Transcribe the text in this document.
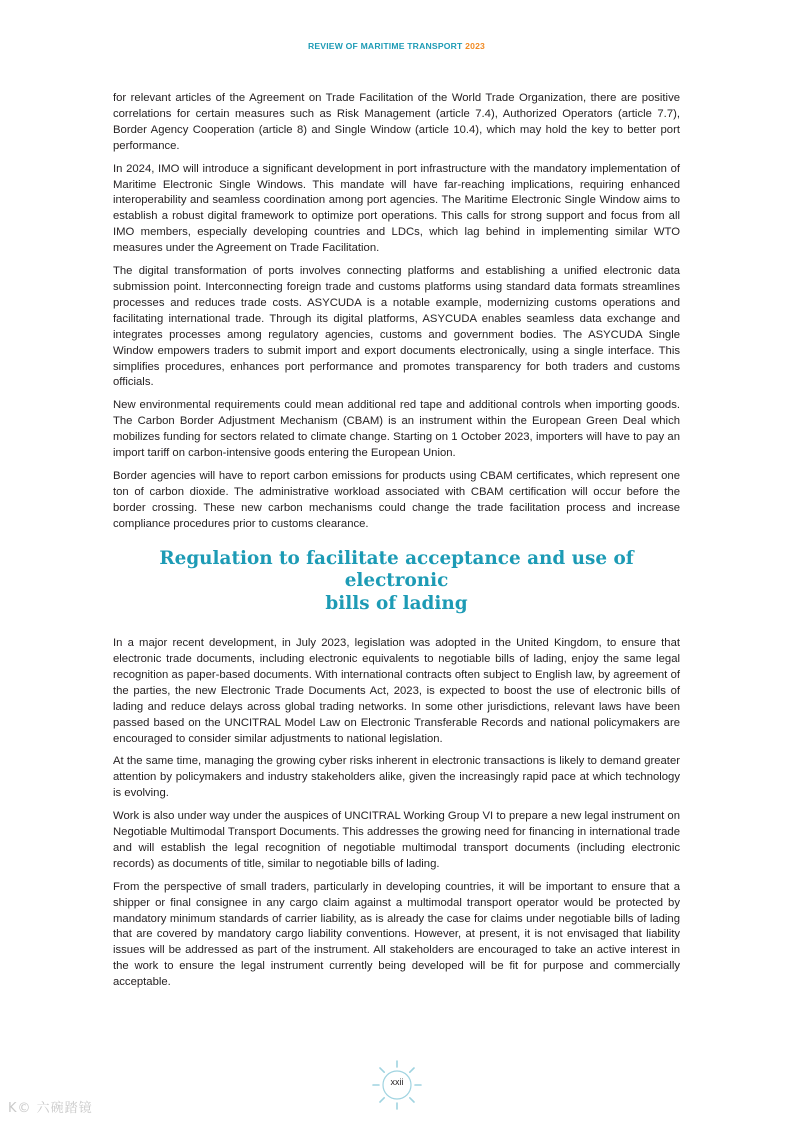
REVIEW OF MARITIME TRANSPORT 2023

for relevant articles of the Agreement on Trade Facilitation of the World Trade Organization, there are positive correlations for certain measures such as Risk Management (article 7.4), Authorized Operators (article 7.7), Border Agency Cooperation (article 8) and Single Window (article 10.4), which may hold the key to better port performance.

In 2024, IMO will introduce a significant development in port infrastructure with the mandatory implementation of Maritime Electronic Single Windows. This mandate will have far-reaching implications, requiring enhanced interoperability and seamless coordination among port agencies. The Maritime Electronic Single Window aims to establish a robust digital framework to optimize port operations. This calls for strong support and focus from all IMO members, especially developing countries and LDCs, which lag behind in implementing similar WTO measures under the Agreement on Trade Facilitation.

The digital transformation of ports involves connecting platforms and establishing a unified electronic data submission point. Interconnecting foreign trade and customs platforms using standard data formats streamlines processes and reduces trade costs. ASYCUDA is a notable example, modernizing customs operations and facilitating international trade. Through its digital platforms, ASYCUDA enables seamless data exchange and integrates processes among regulatory agencies, customs and government bodies. The ASYCUDA Single Window empowers traders to submit import and export documents electronically, using a single interface. This simplifies procedures, enhances port performance and promotes transparency for both traders and customs officials.

New environmental requirements could mean additional red tape and additional controls when importing goods. The Carbon Border Adjustment Mechanism (CBAM) is an instrument within the European Green Deal which mobilizes funding for sectors related to climate change. Starting on 1 October 2023, importers will have to pay an import tariff on carbon-intensive goods entering the European Union.

Border agencies will have to report carbon emissions for products using CBAM certificates, which represent one ton of carbon dioxide. The administrative workload associated with CBAM certification will occur before the border crossing. These new carbon mechanisms could change the trade facilitation process and increase compliance procedures prior to customs clearance.

Regulation to facilitate acceptance and use of electronic
bills of lading

In a major recent development, in July 2023, legislation was adopted in the United Kingdom, to ensure that electronic trade documents, including electronic equivalents to negotiable bills of lading, enjoy the same legal recognition as paper-based documents. With international contracts often subject to English law, by agreement of the parties, the new Electronic Trade Documents Act, 2023, is expected to boost the use of electronic bills of lading and reduce delays across global trading networks. In some other jurisdictions, relevant laws have been passed based on the UNCITRAL Model Law on Electronic Transferable Records and national policymakers are encouraged to consider similar adjustments to national legislation.

At the same time, managing the growing cyber risks inherent in electronic transactions is likely to demand greater attention by policymakers and industry stakeholders alike, given the increasingly rapid pace at which technology is evolving.

Work is also under way under the auspices of UNCITRAL Working Group VI to prepare a new legal instrument on Negotiable Multimodal Transport Documents. This addresses the growing need for financing in international trade and will establish the legal recognition of negotiable multimodal transport documents (including electronic records) as documents of title, similar to negotiable bills of lading.

From the perspective of small traders, particularly in developing countries, it will be important to ensure that a shipper or final consignee in any cargo claim against a multimodal transport operator would be protected by mandatory minimum standards of carrier liability, as is already the case for claims under negotiable bills of lading that are covered by mandatory cargo liability conventions. However, at present, it is not envisaged that liability issues will be addressed as part of the instrument. All stakeholders are encouraged to take an active interest in the work to ensure the legal instrument currently being developed will be fit for purpose and commercially acceptable.

xxii
K© 六碗踏镜
